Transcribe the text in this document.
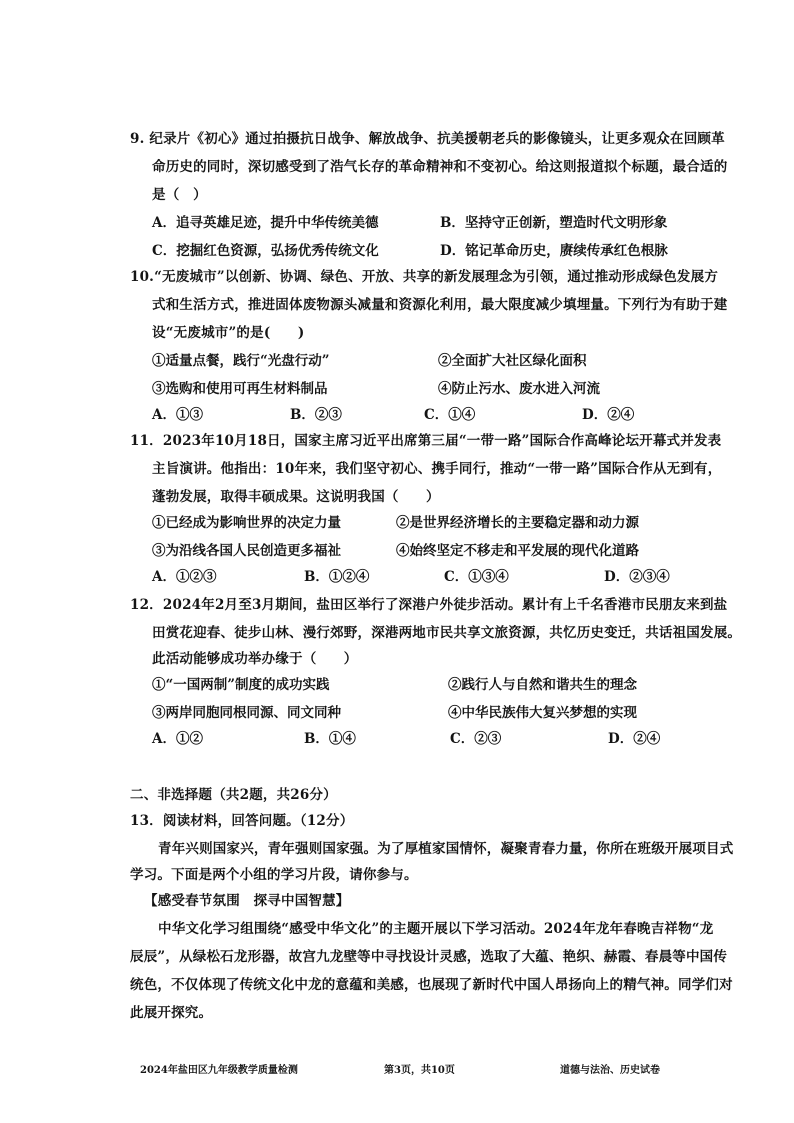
9. 纪录片《初心》通过拍摄抗日战争、解放战争、抗美援朝老兵的影像镜头，让更多观众在回顾革
命历史的同时，深切感受到了浩气长存的革命精神和不变初心。给这则报道拟个标题，最合适的
是（　）
A．追寻英雄足迹，提升中华传统美德	B．坚持守正创新，塑造时代文明形象
C．挖掘红色资源，弘扬优秀传统文化	D．铭记革命历史，赓续传承红色根脉
10.“无废城市”以创新、协调、绿色、开放、共享的新发展理念为引领，通过推动形成绿色发展方
式和生活方式，推进固体废物源头减量和资源化利用，最大限度减少填埋量。下列行为有助于建
设“无废城市”的是(　　)
①适量点餐，践行“光盘行动”	②全面扩大社区绿化面积
③选购和使用可再生材料制品	④防止污水、废水进入河流
A．①③	B．②③	C．①④	D．②④
11．2023年10月18日，国家主席习近平出席第三届“一带一路”国际合作高峰论坛开幕式并发表
主旨演讲。他指出：10年来，我们坚守初心、携手同行，推动“一带一路”国际合作从无到有，
蓬勃发展，取得丰硕成果。这说明我国（　　）
①已经成为影响世界的决定力量	②是世界经济增长的主要稳定器和动力源
③为沿线各国人民创造更多福祉	④始终坚定不移走和平发展的现代化道路
A．①②③	B．①②④	C．①③④	D．②③④
12．2024年2月至3月期间，盐田区举行了深港户外徒步活动。累计有上千名香港市民朋友来到盐
田赏花迎春、徒步山林、漫行郊野，深港两地市民共享文旅资源，共忆历史变迁，共话祖国发展。
此活动能够成功举办缘于（　　）
①“一国两制”制度的成功实践	②践行人与自然和谐共生的理念
③两岸同胞同根同源、同文同种	④中华民族伟大复兴梦想的实现
A．①②	B．①④	C．②③	D．②④
二、非选择题（共2题，共26分）
13．阅读材料，回答问题。（12分）
青年兴则国家兴，青年强则国家强。为了厚植家国情怀，凝聚青春力量，你所在班级开展项目式
学习。下面是两个小组的学习片段，请你参与。
【感受春节氛围　探寻中国智慧】
中华文化学习组围绕“感受中华文化”的主题开展以下学习活动。2024年龙年春晚吉祥物“龙
辰辰”，从绿松石龙形器，故宫九龙壁等中寻找设计灵感，选取了大蕴、艳织、赫霞、春晨等中国传
统色，不仅体现了传统文化中龙的意蕴和美感，也展现了新时代中国人昂扬向上的精气神。同学们对
此展开探究。
2024年盐田区九年级教学质量检测	第3页，共10页	道德与法治、历史试卷
